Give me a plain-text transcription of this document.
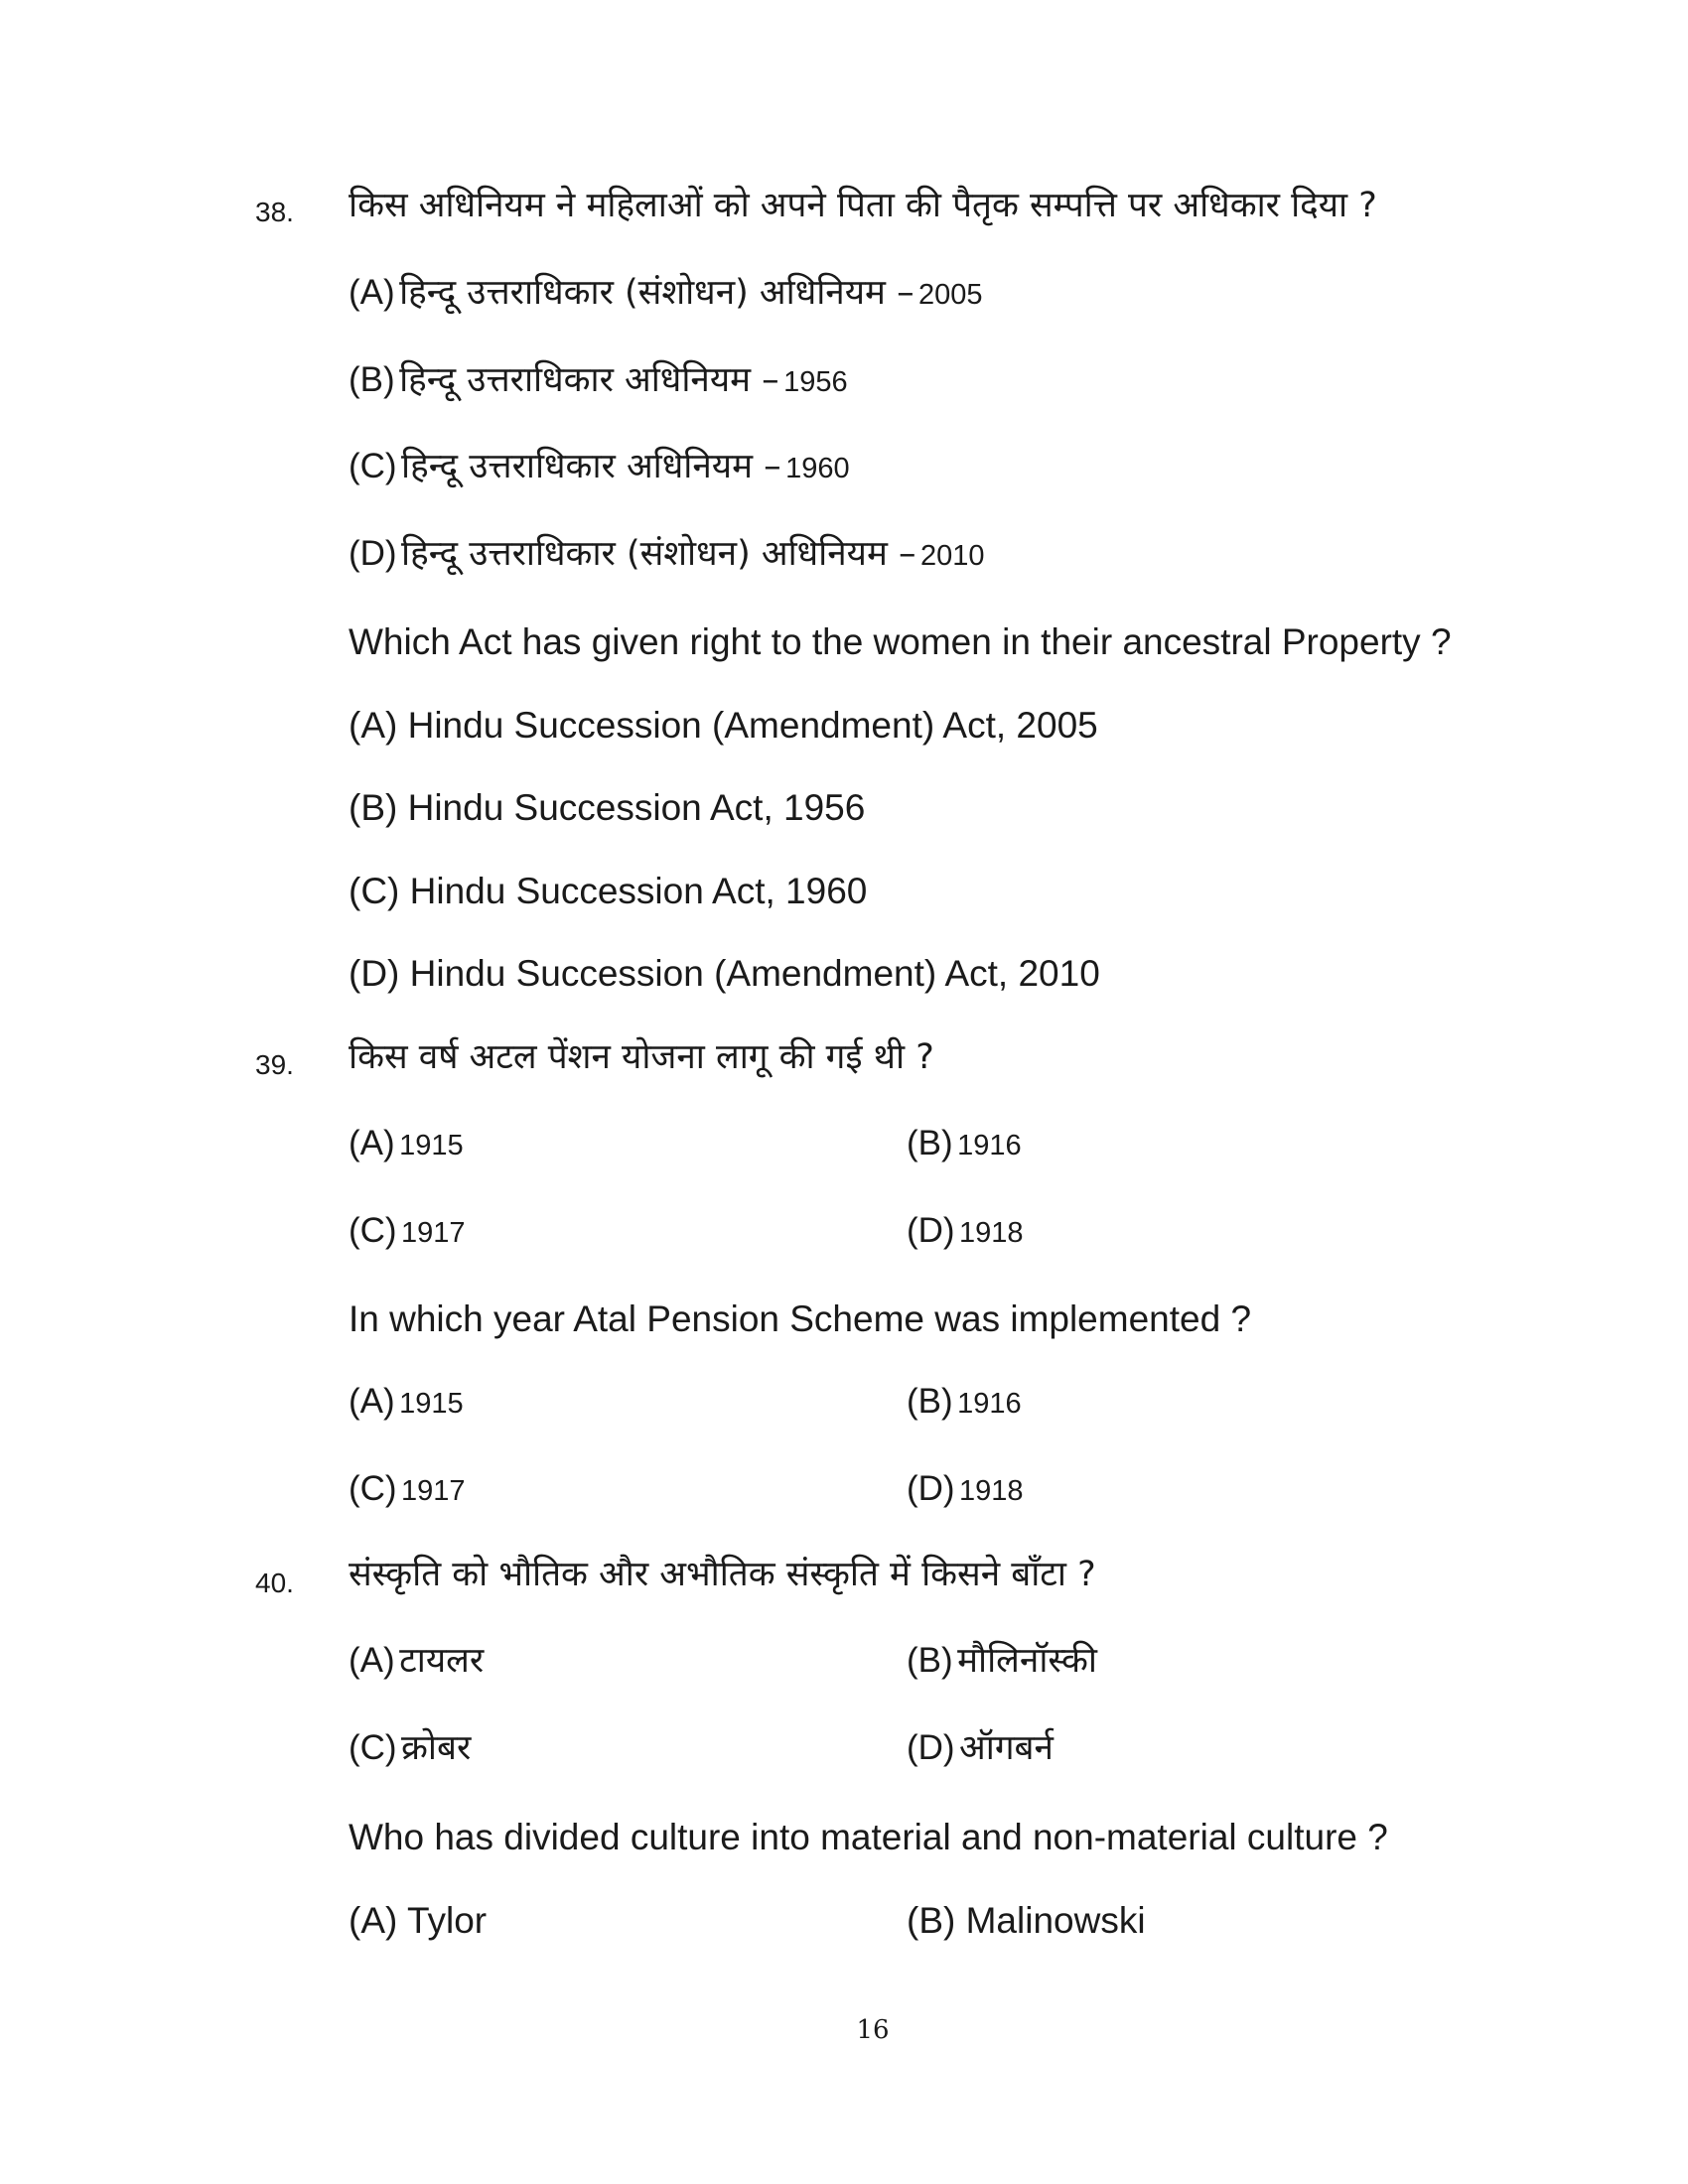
38. किस अधिनियम ने महिलाओं को अपने पिता की पैतृक सम्पत्ति पर अधिकार दिया ?
(A) हिन्दू उत्तराधिकार (संशोधन) अधिनियम – 2005
(B) हिन्दू उत्तराधिकार अधिनियम – 1956
(C) हिन्दू उत्तराधिकार अधिनियम – 1960
(D) हिन्दू उत्तराधिकार (संशोधन) अधिनियम – 2010
Which Act has given right to the women in their ancestral Property ?
(A) Hindu Succession (Amendment) Act, 2005
(B) Hindu Succession Act, 1956
(C) Hindu Succession Act, 1960
(D) Hindu Succession (Amendment) Act, 2010
39. किस वर्ष अटल पेंशन योजना लागू की गई थी ?
(A) 1915	(B) 1916
(C) 1917	(D) 1918
In which year Atal Pension Scheme was implemented ?
(A) 1915	(B) 1916
(C) 1917	(D) 1918
40. संस्कृति को भौतिक और अभौतिक संस्कृति में किसने बाँटा ?
(A) टायलर	(B) मौलिनॉस्की
(C) क्रोबर	(D) ऑगबर्न
Who has divided culture into material and non-material culture ?
(A) Tylor	(B) Malinowski
16
